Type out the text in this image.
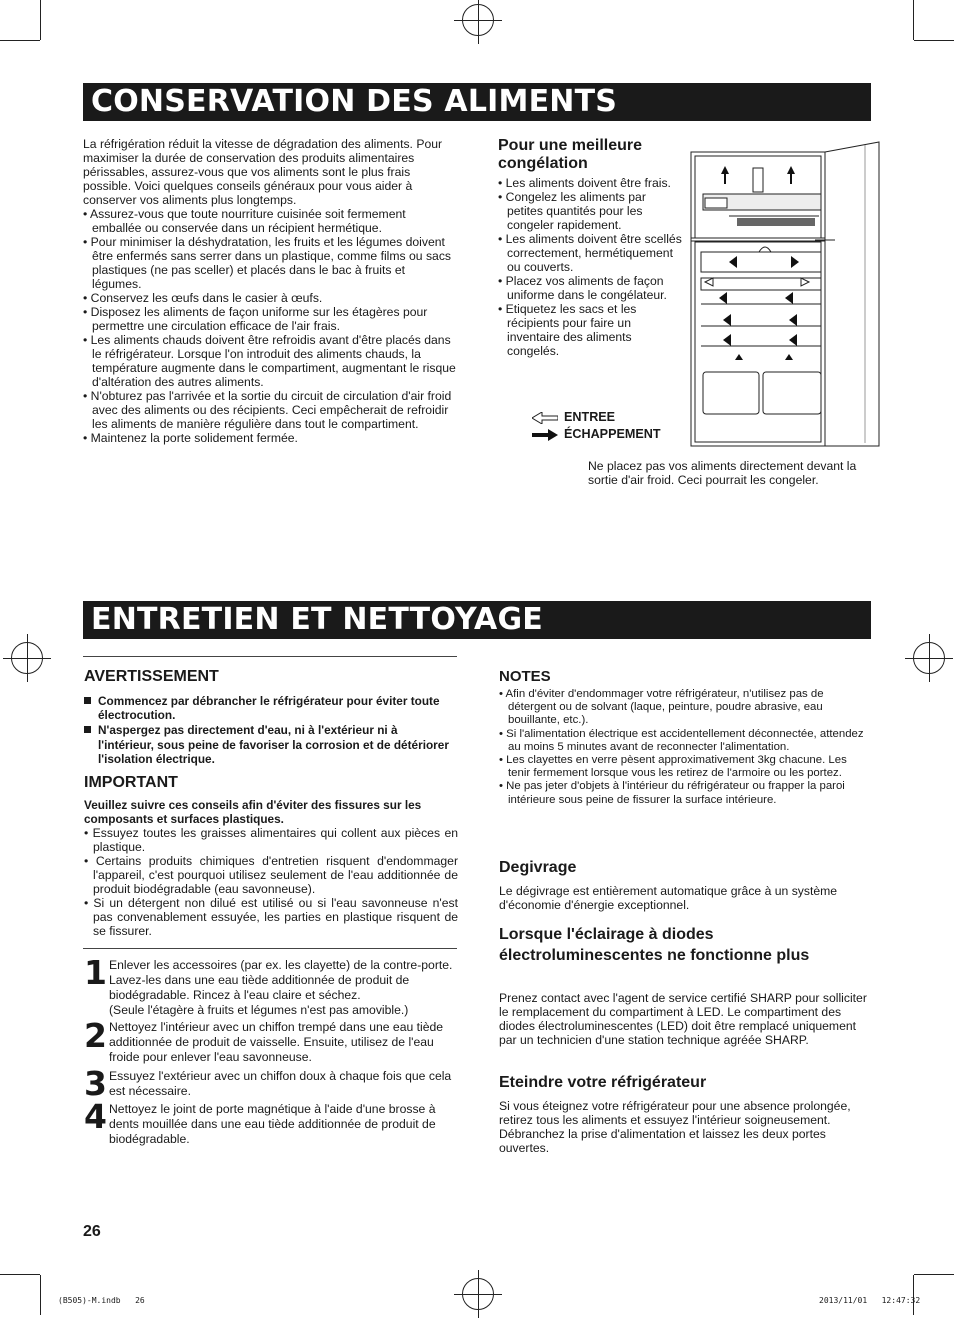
CONSERVATION DES ALIMENTS
La réfrigération réduit la vitesse de dégradation des aliments. Pour maximiser la durée de conservation des produits alimentaires périssables, assurez-vous que vos aliments sont le plus frais possible. Voici quelques conseils généraux pour vous aider à conserver vos aliments plus longtemps.
• Assurez-vous que toute nourriture cuisinée soit fermement emballée ou conservée dans un récipient hermétique.
• Pour minimiser la déshydratation, les fruits et les légumes doivent être enfermés sans serrer dans un plastique, comme films ou sacs plastiques (ne pas sceller) et placés dans le bac à fruits et légumes.
• Conservez les œufs dans le casier à œufs.
• Disposez les aliments de façon uniforme sur les étagères pour permettre une circulation efficace de l'air frais.
• Les aliments chauds doivent être refroidis avant d'être placés dans le réfrigérateur. Lorsque l'on introduit des aliments chauds, la température augmente dans le compartiment, augmentant le risque d'altération des autres aliments.
• N'obturez pas l'arrivée et la sortie du circuit de circulation d'air froid avec des aliments ou des récipients. Ceci empêcherait de refroidir les aliments de manière régulière dans tout le compartiment.
• Maintenez la porte solidement fermée.
Pour une meilleure congélation
• Les aliments doivent être frais.
• Congelez les aliments par petites quantités pour les congeler rapidement.
• Les aliments doivent être scellés correctement, hermétiquement ou couverts.
• Placez vos aliments de façon uniforme dans le congélateur.
• Etiquetez les sacs et les récipients pour faire un inventaire des aliments congelés.
ENTREE
ÉCHAPPEMENT
Ne placez pas vos aliments directement devant la sortie d'air froid. Ceci pourrait les congeler.
ENTRETIEN ET NETTOYAGE
AVERTISSEMENT
Commencez par débrancher le réfrigérateur pour éviter toute électrocution.
N'aspergez pas directement d'eau, ni à l'extérieur ni à l'intérieur, sous peine de favoriser la corrosion et de détériorer l'isolation électrique.
IMPORTANT
Veuillez suivre ces conseils afin d'éviter des fissures sur les composants et surfaces plastiques.
• Essuyez toutes les graisses alimentaires qui collent aux pièces en plastique.
• Certains produits chimiques d'entretien risquent d'endommager l'appareil, c'est pourquoi utilisez seulement de l'eau additionnée de produit biodégradable (eau savonneuse).
• Si un détergent non dilué est utilisé ou si l'eau savonneuse n'est pas convenablement essuyée, les parties en plastique risquent de se fissurer.
1 Enlever les accessoires (par ex. les clayette) de la contre-porte. Lavez-les dans une eau tiède additionnée de produit de biodégradable. Rincez à l'eau claire et séchez.
(Seule l'étagère à fruits et légumes n'est pas amovible.)
2 Nettoyez l'intérieur avec un chiffon trempé dans une eau tiède additionnée de produit de vaisselle. Ensuite, utilisez de l'eau froide pour enlever l'eau savonneuse.
3 Essuyez l'extérieur avec un chiffon doux à chaque fois que cela est nécessaire.
4 Nettoyez le joint de porte magnétique à l'aide d'une brosse à dents mouillée dans une eau tiède additionnée de produit de biodégradable.
NOTES
• Afin d'éviter d'endommager votre réfrigérateur, n'utilisez pas de détergent ou de solvant (laque, peinture, poudre abrasive, eau bouillante, etc.).
• Si l'alimentation électrique est accidentellement déconnectée, attendez au moins 5 minutes avant de reconnecter l'alimentation.
• Les clayettes en verre pèsent approximativement 3kg chacune. Les tenir fermement lorsque vous les retirez de l'armoire ou les portez.
• Ne pas jeter d'objets à l'intérieur du réfrigérateur ou frapper la paroi intérieure sous peine de fissurer la surface intérieure.
Degivrage
Le dégivrage est entièrement automatique grâce à un système d'économie d'énergie exceptionnel.
Lorsque l'éclairage à diodes électroluminescentes ne fonctionne plus
Prenez contact avec l'agent de service certifié SHARP pour solliciter le remplacement du compartiment à LED. Le compartiment des diodes électroluminescentes (LED) doit être remplacé uniquement par un technicien d'une station technique agréée SHARP.
Eteindre votre réfrigérateur
Si vous éteignez votre réfrigérateur pour une absence prolongée, retirez tous les aliments et essuyez l'intérieur soigneusement. Débranchez la prise d'alimentation et laissez les deux portes ouvertes.
26
(B505)-M.indb   26	2013/11/01   12:47:32
